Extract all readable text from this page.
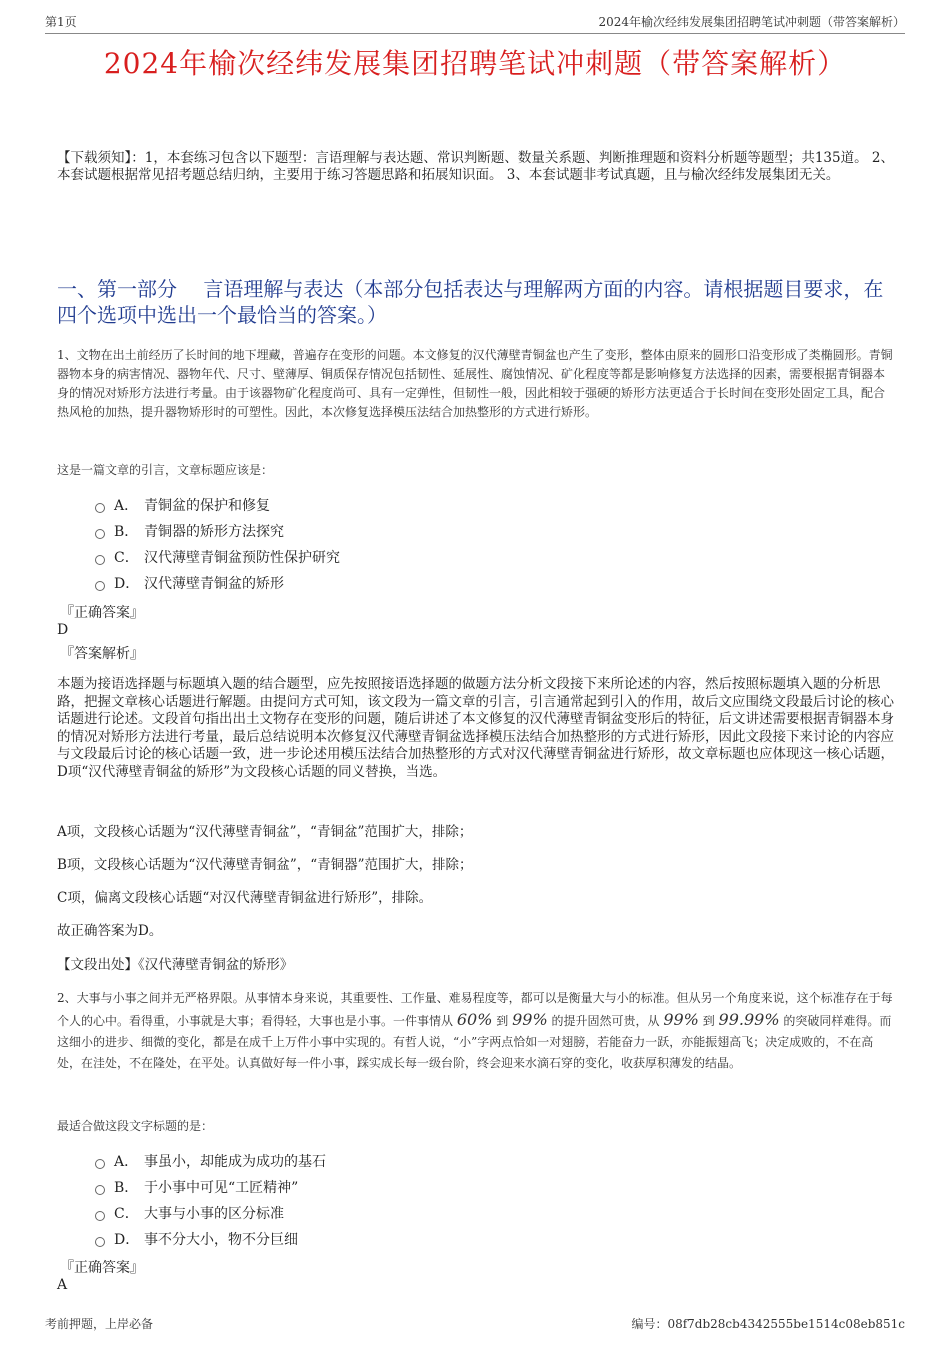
第1页	2024年榆次经纬发展集团招聘笔试冲刺题（带答案解析）
2024年榆次经纬发展集团招聘笔试冲刺题（带答案解析）
【下载须知】：1，本套练习包含以下题型：言语理解与表达题、常识判断题、数量关系题、判断推理题和资料分析题等题型；共135道。 2、本套试题根据常见招考题总结归纳，主要用于练习答题思路和拓展知识面。 3、本套试题非考试真题，且与榆次经纬发展集团无关。
一、第一部分　 言语理解与表达（本部分包括表达与理解两方面的内容。请根据题目要求，在四个选项中选出一个最恰当的答案。）
1、文物在出土前经历了长时间的地下埋藏，普遍存在变形的问题。本文修复的汉代薄壁青铜盆也产生了变形，整体由原来的圆形口沿变形成了类椭圆形。青铜器物本身的病害情况、器物年代、尺寸、壁薄厚、铜质保存情况包括韧性、延展性、腐蚀情况、矿化程度等都是影响修复方法选择的因素，需要根据青铜器本身的情况对矫形方法进行考量。由于该器物矿化程度尚可、具有一定弹性，但韧性一般，因此相较于强硬的矫形方法更适合于长时间在变形处固定工具，配合热风枪的加热，提升器物矫形时的可塑性。因此，本次修复选择模压法结合加热整形的方式进行矫形。
这是一篇文章的引言，文章标题应该是：
A． 青铜盆的保护和修复
B． 青铜器的矫形方法探究
C． 汉代薄壁青铜盆预防性保护研究
D． 汉代薄壁青铜盆的矫形
『正确答案』
D
『答案解析』
本题为接语选择题与标题填入题的结合题型，应先按照接语选择题的做题方法分析文段接下来所论述的内容，然后按照标题填入题的分析思路，把握文章核心话题进行解题。由提问方式可知，该文段为一篇文章的引言，引言通常起到引入的作用，故后文应围绕文段最后讨论的核心话题进行论述。文段首句指出出土文物存在变形的问题，随后讲述了本文修复的汉代薄壁青铜盆变形后的特征，后文讲述需要根据青铜器本身的情况对矫形方法进行考量，最后总结说明本次修复汉代薄壁青铜盆选择模压法结合加热整形的方式进行矫形，因此文段接下来讨论的内容应与文段最后讨论的核心话题一致，进一步论述用模压法结合加热整形的方式对汉代薄壁青铜盆进行矫形，故文章标题也应体现这一核心话题，D项“汉代薄壁青铜盆的矫形”为文段核心话题的同义替换，当选。
A项，文段核心话题为“汉代薄壁青铜盆”，“青铜盆”范围扩大，排除；
B项，文段核心话题为“汉代薄壁青铜盆”，“青铜器”范围扩大，排除；
C项，偏离文段核心话题“对汉代薄壁青铜盆进行矫形”，排除。
故正确答案为D。
【文段出处】《汉代薄壁青铜盆的矫形》
2、大事与小事之间并无严格界限。从事情本身来说，其重要性、工作量、难易程度等，都可以是衡量大与小的标准。但从另一个角度来说，这个标准存在于每个人的心中。看得重，小事就是大事；看得轻，大事也是小事。一件事情从 60% 到 99% 的提升固然可贵，从 99% 到 99.99% 的突破同样难得。而这细小的进步、细微的变化，都是在成千上万件小事中实现的。有哲人说，“小”字两点恰如一对翅膀，若能奋力一跃，亦能振翅高飞；决定成败的，不在高处，在洼处，不在隆处，在平处。认真做好每一件小事，踩实成长每一级台阶，终会迎来水滴石穿的变化，收获厚积薄发的结晶。
最适合做这段文字标题的是：
A． 事虽小，却能成为成功的基石
B． 于小事中可见“工匠精神”
C． 大事与小事的区分标准
D． 事不分大小，物不分巨细
『正确答案』
A
考前押题，上岸必备	编号：08f7db28cb4342555be1514c08eb851c
